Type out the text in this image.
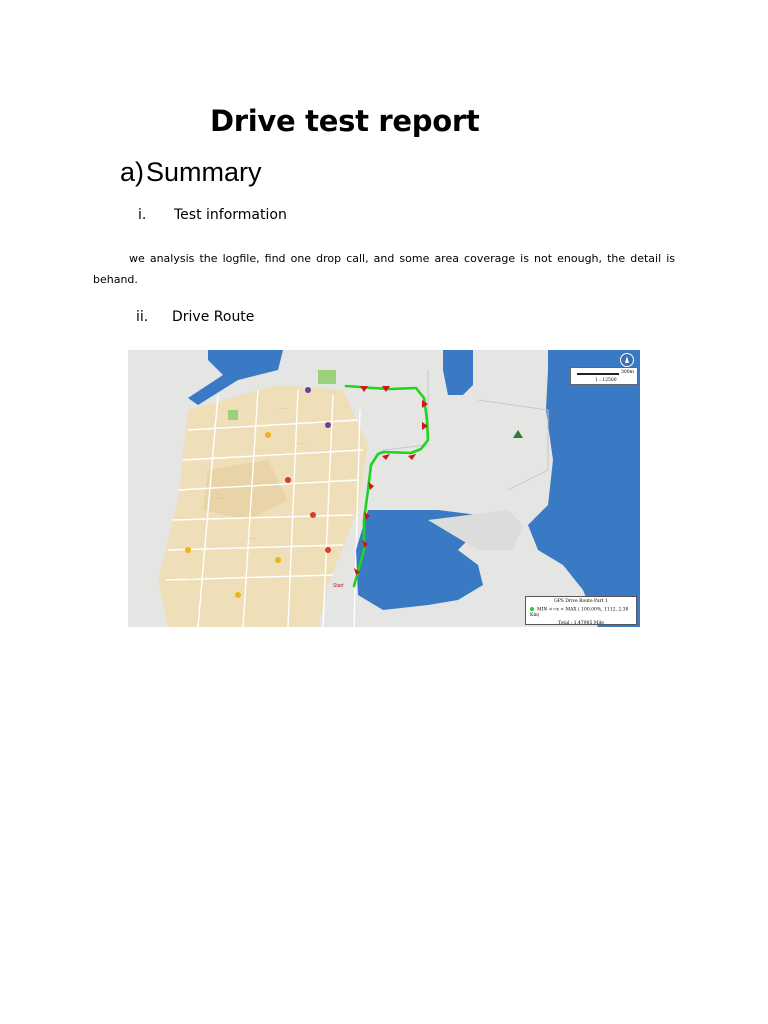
Drive test report
a)Summary
i. Test information

we analysis the logfile, find one drop call, and some area coverage is not enough, the detail is behand.

ii. Drive Route
· · · ·
· · · ·
· · ·
· · · ·
· · ·
300m
1 : 12500
Start
GPS Drive Route Part 1
MIN <=x < MAX ( 100.00%, 1112, 2.38 Km)
Total : 1.47985 Mile
